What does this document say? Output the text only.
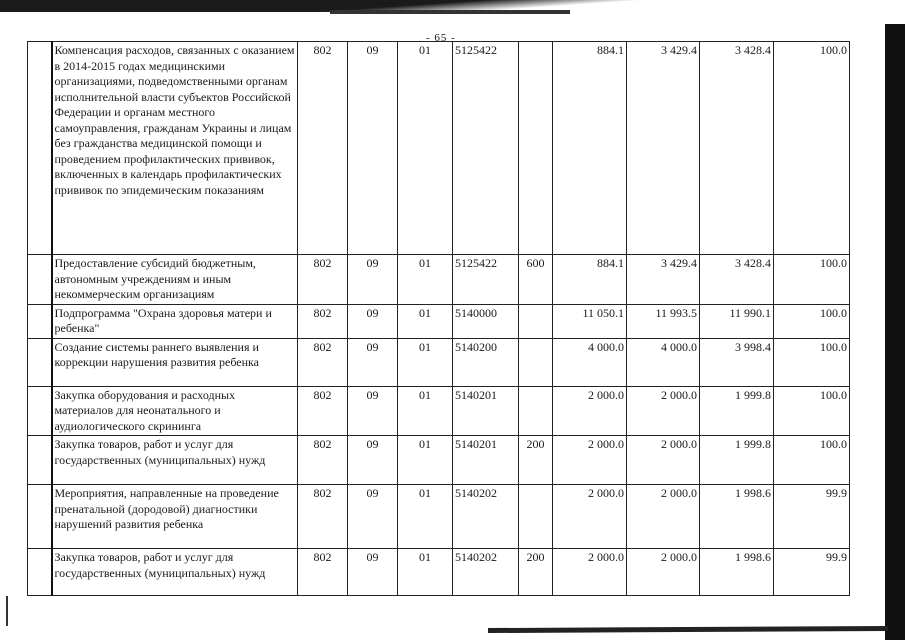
- 65 -
	Компенсация расходов, связанных с оказанием в 2014-2015 годах медицинскими организациями, подведомственными органам исполнительной власти субъектов Российской Федерации и органам местного самоуправления, гражданам Украины и лицам без гражданства медицинской помощи и проведением профилактических прививок, включенных в календарь профилактических прививок по эпидемическим показаниям	802	09	01	5125422		884.1	3 429.4	3 428.4	100.0
	Предоставление субсидий бюджетным, автономным учреждениям и иным некоммерческим организациям	802	09	01	5125422	600	884.1	3 429.4	3 428.4	100.0
	Подпрограмма "Охрана здоровья матери и ребенка"	802	09	01	5140000		11 050.1	11 993.5	11 990.1	100.0
	Создание системы раннего выявления и коррекции нарушения развития ребенка	802	09	01	5140200		4 000.0	4 000.0	3 998.4	100.0
	Закупка оборудования и расходных материалов для неонатального и аудиологического скрининга	802	09	01	5140201		2 000.0	2 000.0	1 999.8	100.0
	Закупка товаров, работ и услуг для государственных (муниципальных) нужд	802	09	01	5140201	200	2 000.0	2 000.0	1 999.8	100.0
	Мероприятия, направленные на проведение пренатальной (дородовой) диагностики нарушений развития ребенка	802	09	01	5140202		2 000.0	2 000.0	1 998.6	99.9
	Закупка товаров, работ и услуг для государственных (муниципальных) нужд	802	09	01	5140202	200	2 000.0	2 000.0	1 998.6	99.9
